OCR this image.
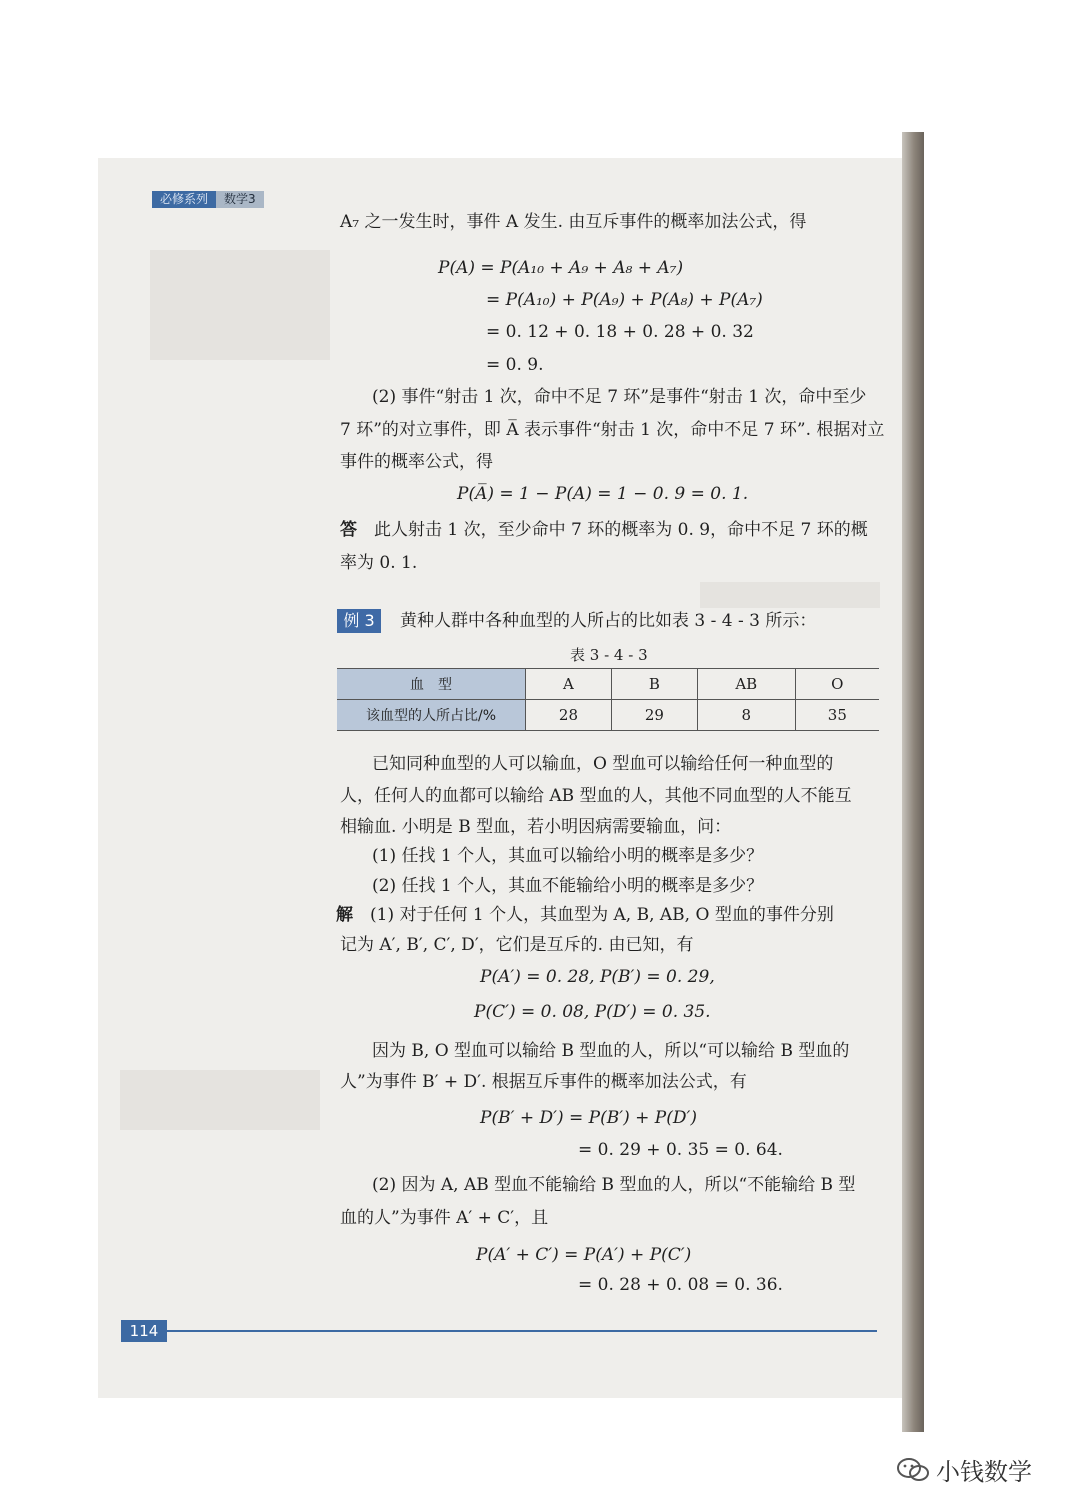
必修系列	数学3
A₇ 之一发生时，事件 A 发生. 由互斥事件的概率加法公式，得
P(A) = P(A₁₀ + A₉ + A₈ + A₇)
= P(A₁₀) + P(A₉) + P(A₈) + P(A₇)
= 0. 12 + 0. 18 + 0. 28 + 0. 32
= 0. 9.
(2) 事件“射击 1 次，命中不足 7 环”是事件“射击 1 次，命中至少
7 环”的对立事件，即 A̅ 表示事件“射击 1 次，命中不足 7 环”. 根据对立
事件的概率公式，得
P(A̅) = 1 − P(A) = 1 − 0. 9 = 0. 1.
答 此人射击 1 次，至少命中 7 环的概率为 0. 9，命中不足 7 环的概
率为 0. 1.
例 3	黄种人群中各种血型的人所占的比如表 3 - 4 - 3 所示：
表 3 - 4 - 3
血　型	A	B	AB	O
该血型的人所占比/%	28	29	8	35
已知同种血型的人可以输血，O 型血可以输给任何一种血型的
人，任何人的血都可以输给 AB 型血的人，其他不同血型的人不能互
相输血. 小明是 B 型血，若小明因病需要输血，问：
(1) 任找 1 个人，其血可以输给小明的概率是多少？
(2) 任找 1 个人，其血不能输给小明的概率是多少？
解 (1) 对于任何 1 个人，其血型为 A, B, AB, O 型血的事件分别
记为 A′, B′, C′, D′，它们是互斥的. 由已知，有
P(A′) = 0. 28, P(B′) = 0. 29,
P(C′) = 0. 08, P(D′) = 0. 35.
因为 B, O 型血可以输给 B 型血的人，所以“可以输给 B 型血的
人”为事件 B′ + D′. 根据互斥事件的概率加法公式，有
P(B′ + D′) = P(B′) + P(D′)
= 0. 29 + 0. 35 = 0. 64.
(2) 因为 A, AB 型血不能输给 B 型血的人，所以“不能输给 B 型
血的人”为事件 A′ + C′，且
P(A′ + C′) = P(A′) + P(C′)
= 0. 28 + 0. 08 = 0. 36.
114
小钱数学
